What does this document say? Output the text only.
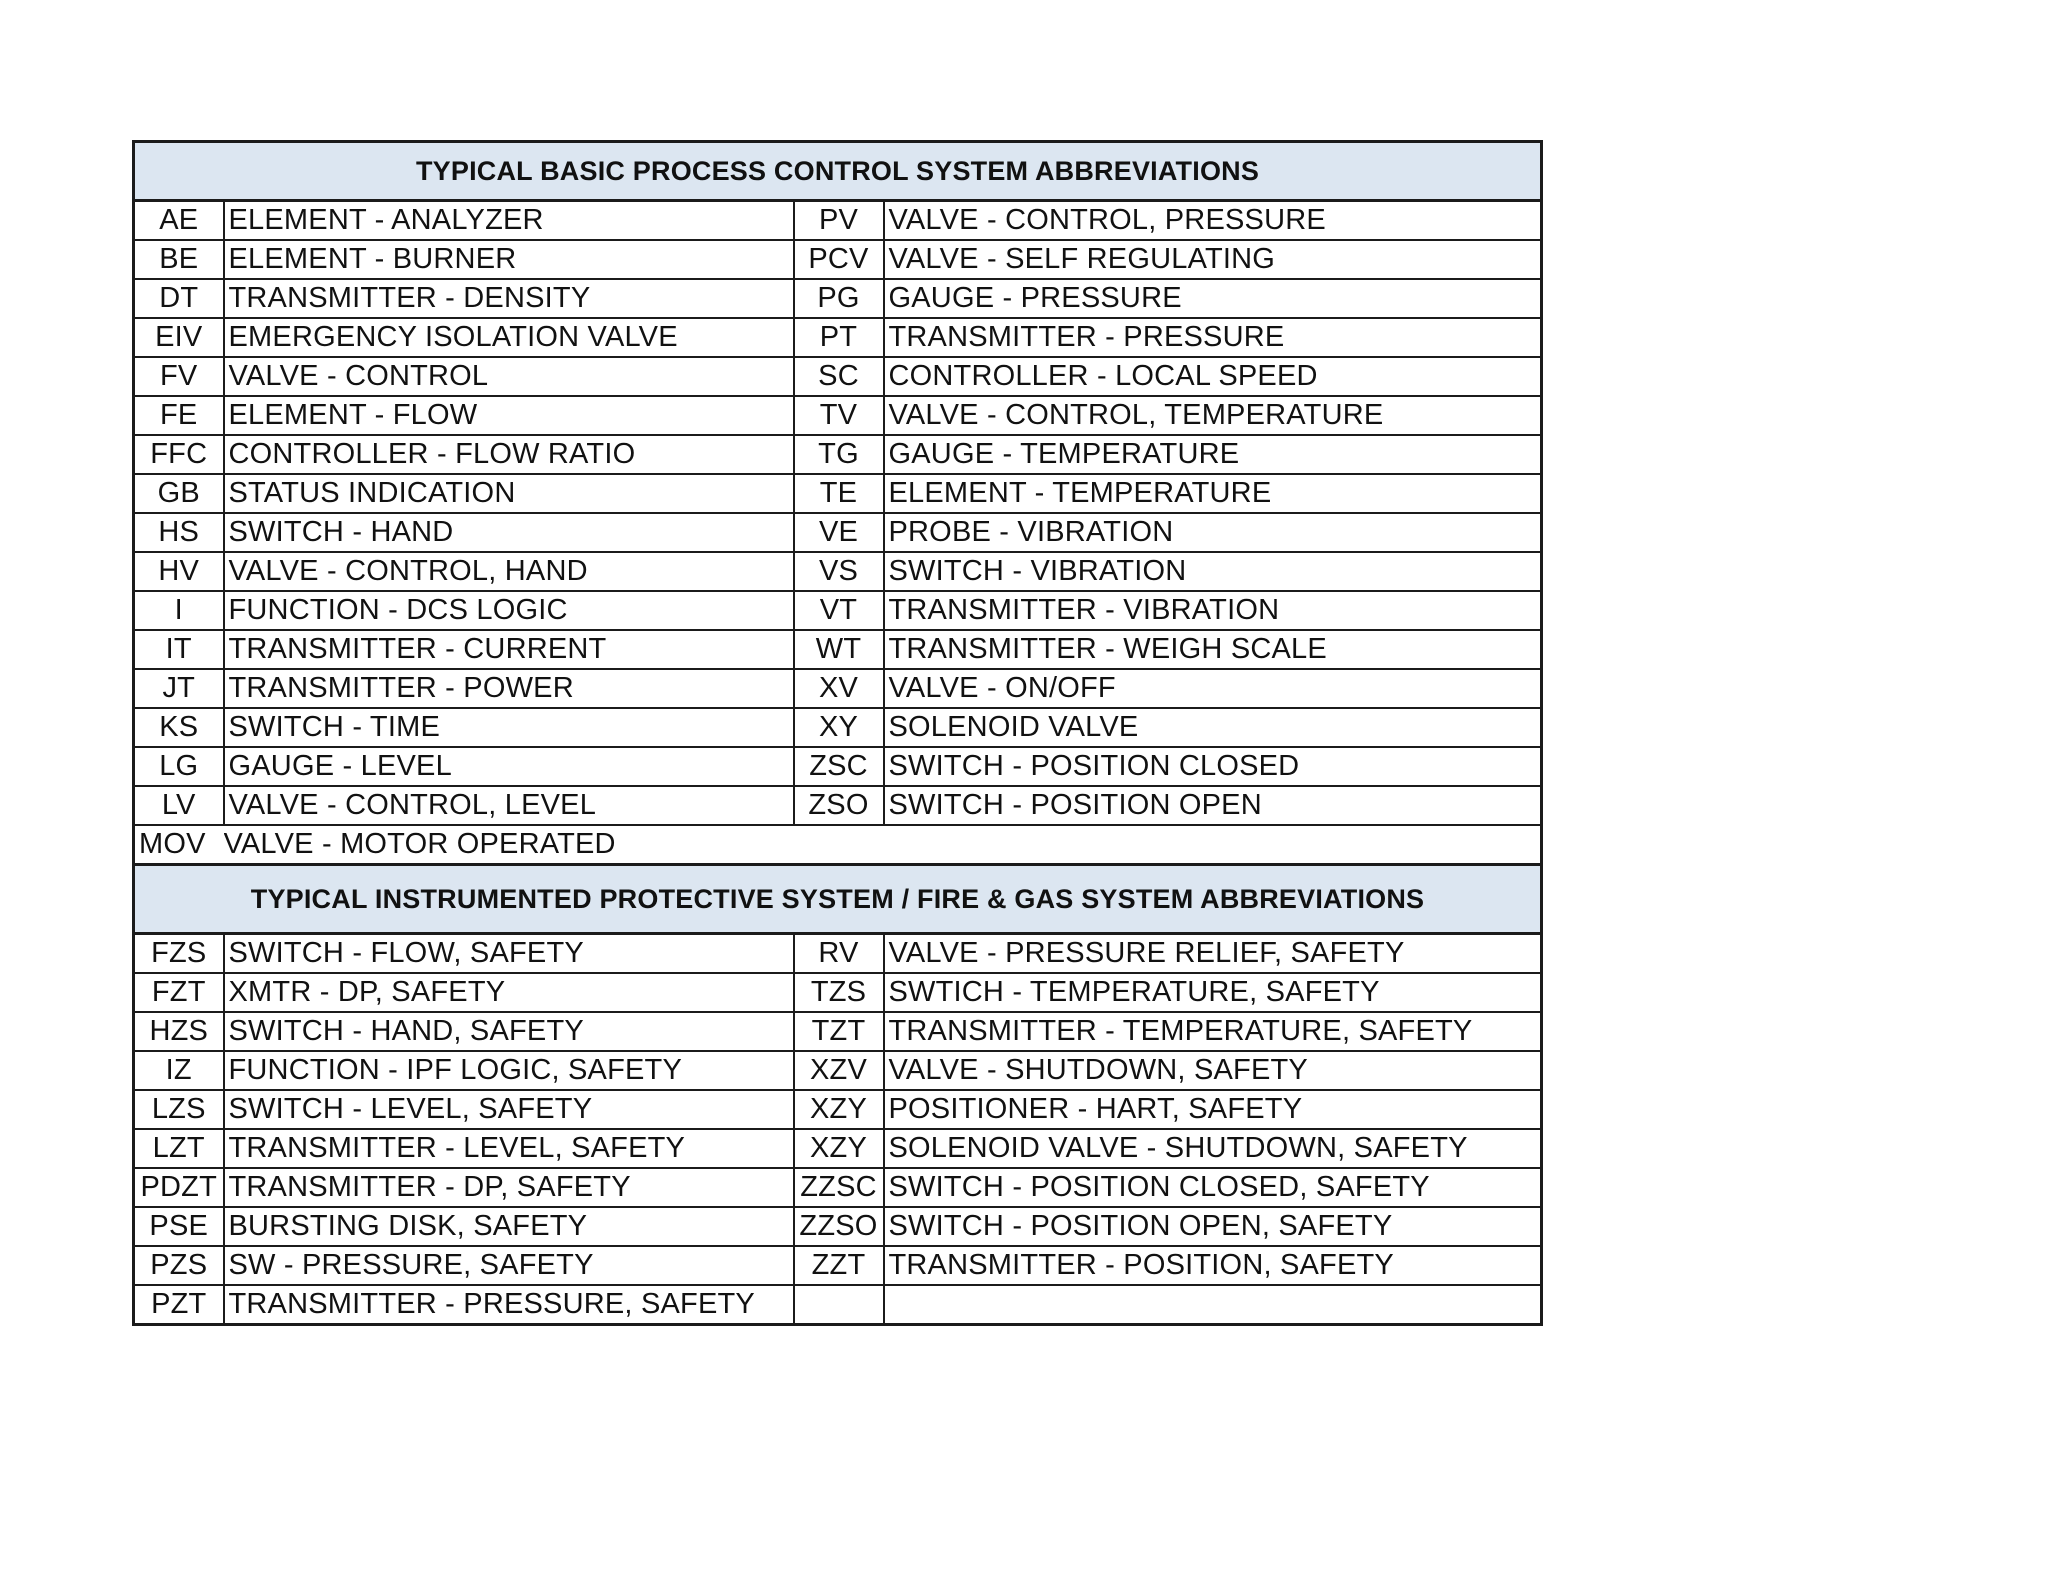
TYPICAL BASIC PROCESS CONTROL SYSTEM ABBREVIATIONS			
AE	ELEMENT - ANALYZER	PV	VALVE - CONTROL, PRESSURE
BE	ELEMENT - BURNER	PCV	VALVE - SELF REGULATING
DT	TRANSMITTER - DENSITY	PG	GAUGE - PRESSURE
EIV	EMERGENCY ISOLATION VALVE	PT	TRANSMITTER - PRESSURE
FV	VALVE - CONTROL	SC	CONTROLLER - LOCAL SPEED
FE	ELEMENT - FLOW	TV	VALVE - CONTROL, TEMPERATURE
FFC	CONTROLLER - FLOW RATIO	TG	GAUGE - TEMPERATURE
GB	STATUS INDICATION	TE	ELEMENT - TEMPERATURE
HS	SWITCH - HAND	VE	PROBE - VIBRATION
HV	VALVE - CONTROL, HAND	VS	SWITCH - VIBRATION
I	FUNCTION - DCS LOGIC	VT	TRANSMITTER - VIBRATION
IT	TRANSMITTER - CURRENT	WT	TRANSMITTER - WEIGH SCALE
JT	TRANSMITTER - POWER	XV	VALVE - ON/OFF
KS	SWITCH - TIME	XY	SOLENOID VALVE
LG	GAUGE - LEVEL	ZSC	SWITCH - POSITION CLOSED
LV	VALVE - CONTROL, LEVEL	ZSO	SWITCH - POSITION OPEN
MOV	VALVE - MOTOR OPERATED		
TYPICAL INSTRUMENTED PROTECTIVE SYSTEM / FIRE & GAS SYSTEM ABBREVIATIONS			
FZS	SWITCH - FLOW, SAFETY	RV	VALVE - PRESSURE RELIEF, SAFETY
FZT	XMTR - DP, SAFETY	TZS	SWTICH - TEMPERATURE, SAFETY
HZS	SWITCH - HAND, SAFETY	TZT	TRANSMITTER - TEMPERATURE, SAFETY
IZ	FUNCTION - IPF LOGIC, SAFETY	XZV	VALVE - SHUTDOWN, SAFETY
LZS	SWITCH - LEVEL, SAFETY	XZY	POSITIONER - HART, SAFETY
LZT	TRANSMITTER - LEVEL, SAFETY	XZY	SOLENOID VALVE - SHUTDOWN, SAFETY
PDZT	TRANSMITTER - DP, SAFETY	ZZSC	SWITCH - POSITION CLOSED, SAFETY
PSE	BURSTING DISK, SAFETY	ZZSO	SWITCH - POSITION OPEN, SAFETY
PZS	SW - PRESSURE, SAFETY	ZZT	TRANSMITTER - POSITION, SAFETY
PZT	TRANSMITTER - PRESSURE, SAFETY		
